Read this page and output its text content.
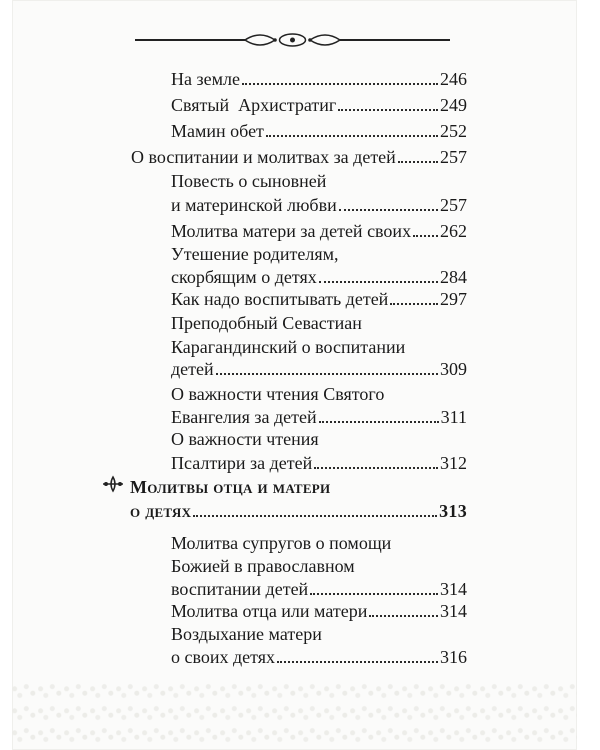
На земле	246
Святый  Архистратиг	249
Мамин обет	252
О воспитании и молитвах за детей 257
Повесть о сыновней
и материнской любви	257
Молитва матери за детей своих 262
Утешение родителям,
скорбящим о детях	284
Как надо воспитывать детей	297
Преподобный Севастиан
Карагандинский о воспитании
детей	309
О важности чтения Святого
Евангелия за детей	311
О важности чтения
Псалтири за детей	312
Молитвы отца и матери
о детях	313
Молитва супругов о помощи
Божией в православном
воспитании детей	314
Молитва отца или матери	314
Воздыхание матери
о своих детях	316
